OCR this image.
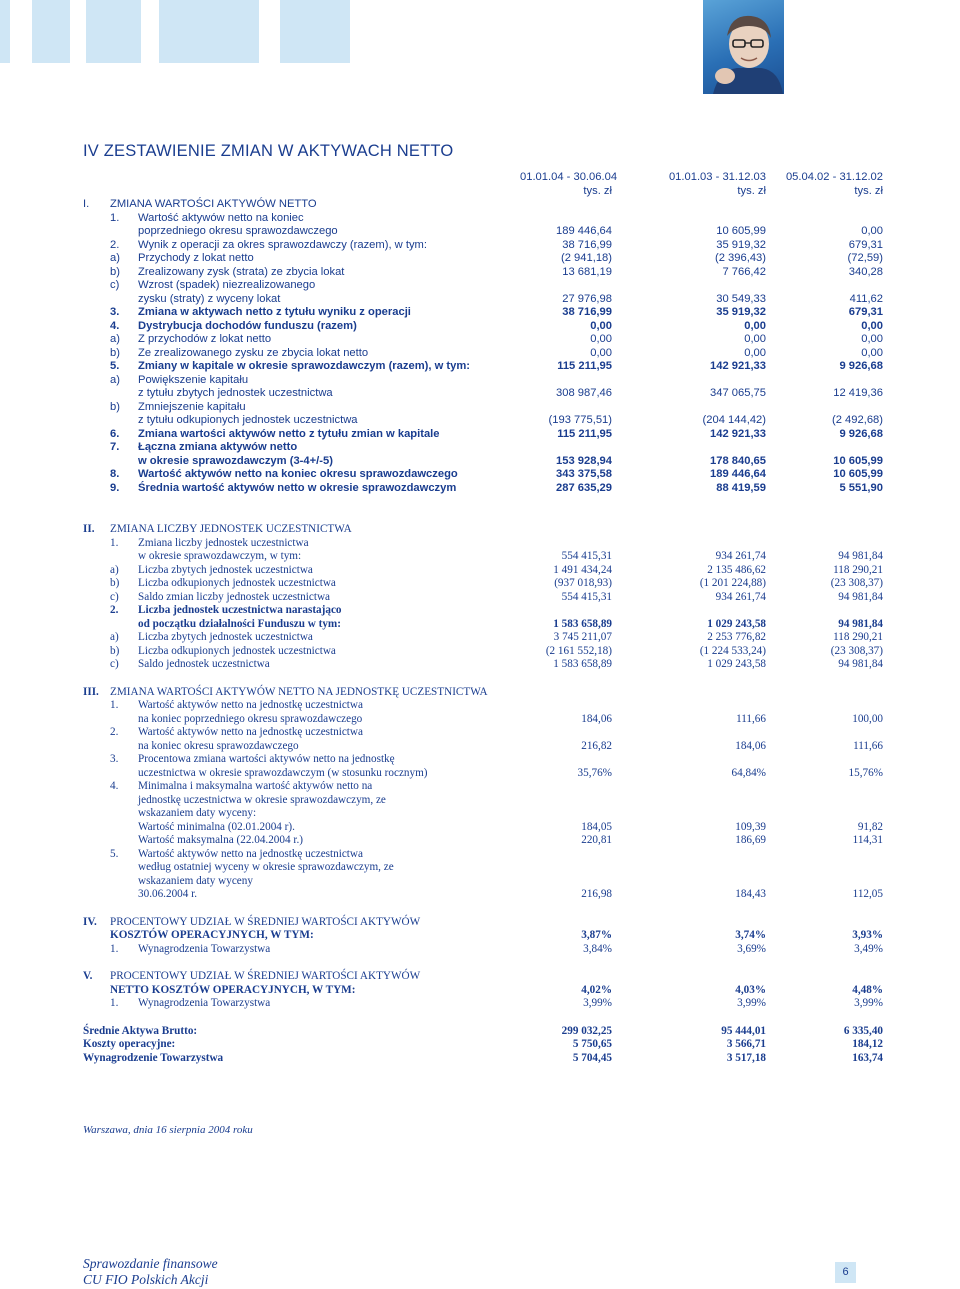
IV ZESTAWIENIE ZMIAN W AKTYWACH NETTO
01.01.04 - 30.06.04	01.01.03 - 31.12.03	05.04.02 - 31.12.02
tys. zł	tys. zł	tys. zł
I.	ZMIANA WARTOŚCI AKTYWÓW NETTO
1. Wartość aktywów netto na koniec
poprzedniego okresu sprawozdawczego	189 446,64	10 605,99	0,00
2. Wynik z operacji za okres sprawozdawczy (razem), w tym:	38 716,99	35 919,32	679,31
a) Przychody z lokat netto	(2 941,18)	(2 396,43)	(72,59)
b) Zrealizowany zysk (strata) ze zbycia lokat	13 681,19	7 766,42	340,28
c) Wzrost (spadek) niezrealizowanego
zysku (straty) z wyceny lokat	27 976,98	30 549,33	411,62
3. Zmiana w aktywach netto z tytułu wyniku z operacji	38 716,99	35 919,32	679,31
4. Dystrybucja dochodów funduszu (razem)	0,00	0,00	0,00
a) Z przychodów z lokat netto	0,00	0,00	0,00
b) Ze zrealizowanego zysku ze zbycia lokat netto	0,00	0,00	0,00
5. Zmiany w kapitale w okresie sprawozdawczym (razem), w tym:	115 211,95	142 921,33	9 926,68
a) Powiększenie kapitału
z tytułu zbytych jednostek uczestnictwa	308 987,46	347 065,75	12 419,36
b) Zmniejszenie kapitału
z tytułu odkupionych jednostek uczestnictwa	(193 775,51)	(204 144,42)	(2 492,68)
6. Zmiana wartości aktywów netto z tytułu zmian w kapitale	115 211,95	142 921,33	9 926,68
7. Łączna zmiana aktywów netto
w okresie sprawozdawczym (3-4+/-5)	153 928,94	178 840,65	10 605,99
8. Wartość aktywów netto na koniec okresu sprawozdawczego	343 375,58	189 446,64	10 605,99
9. Średnia wartość aktywów netto w okresie sprawozdawczym	287 635,29	88 419,59	5 551,90
II.	ZMIANA LICZBY JEDNOSTEK UCZESTNICTWA
1. Zmiana liczby jednostek uczestnictwa
w okresie sprawozdawczym, w tym:	554 415,31	934 261,74	94 981,84
a) Liczba zbytych jednostek uczestnictwa	1 491 434,24	2 135 486,62	118 290,21
b) Liczba odkupionych jednostek uczestnictwa	(937 018,93)	(1 201 224,88)	(23 308,37)
c) Saldo zmian liczby jednostek uczestnictwa	554 415,31	934 261,74	94 981,84
2. Liczba jednostek uczestnictwa narastająco
od początku działalności Funduszu w tym:	1 583 658,89	1 029 243,58	94 981,84
a) Liczba zbytych jednostek uczestnictwa	3 745 211,07	2 253 776,82	118 290,21
b) Liczba odkupionych jednostek uczestnictwa	(2 161 552,18)	(1 224 533,24)	(23 308,37)
c) Saldo jednostek uczestnictwa	1 583 658,89	1 029 243,58	94 981,84
III. ZMIANA WARTOŚCI AKTYWÓW NETTO NA JEDNOSTKĘ UCZESTNICTWA
1. Wartość aktywów netto na jednostkę uczestnictwa
na koniec poprzedniego okresu sprawozdawczego	184,06	111,66	100,00
2. Wartość aktywów netto na jednostkę uczestnictwa
na koniec okresu sprawozdawczego	216,82	184,06	111,66
3. Procentowa zmiana wartości aktywów netto na jednostkę
uczestnictwa w okresie sprawozdawczym (w stosunku rocznym)	35,76%	64,84%	15,76%
4. Minimalna i maksymalna wartość aktywów netto na
jednostkę uczestnictwa w okresie sprawozdawczym, ze
wskazaniem daty wyceny:
Wartość minimalna (02.01.2004 r).	184,05	109,39	91,82
Wartość maksymalna (22.04.2004 r.)	220,81	186,69	114,31
5. Wartość aktywów netto na jednostkę uczestnictwa
według ostatniej wyceny w okresie sprawozdawczym, ze
wskazaniem daty wyceny
30.06.2004 r.	216,98	184,43	112,05
IV.	PROCENTOWY UDZIAŁ W ŚREDNIEJ WARTOŚCI AKTYWÓW
KOSZTÓW OPERACYJNYCH, W TYM:	3,87%	3,74%	3,93%
1. Wynagrodzenia Towarzystwa	3,84%	3,69%	3,49%
V.	PROCENTOWY UDZIAŁ W ŚREDNIEJ WARTOŚCI AKTYWÓW
NETTO KOSZTÓW OPERACYJNYCH, W TYM:	4,02%	4,03%	4,48%
1. Wynagrodzenia Towarzystwa	3,99%	3,99%	3,99%
Średnie Aktywa Brutto:	299 032,25	95 444,01	6 335,40
Koszty operacyjne:	5 750,65	3 566,71	184,12
Wynagrodzenie Towarzystwa	5 704,45	3 517,18	163,74
Warszawa, dnia 16 sierpnia 2004 roku
Sprawozdanie finansowe
CU FIO Polskich Akcji	6
